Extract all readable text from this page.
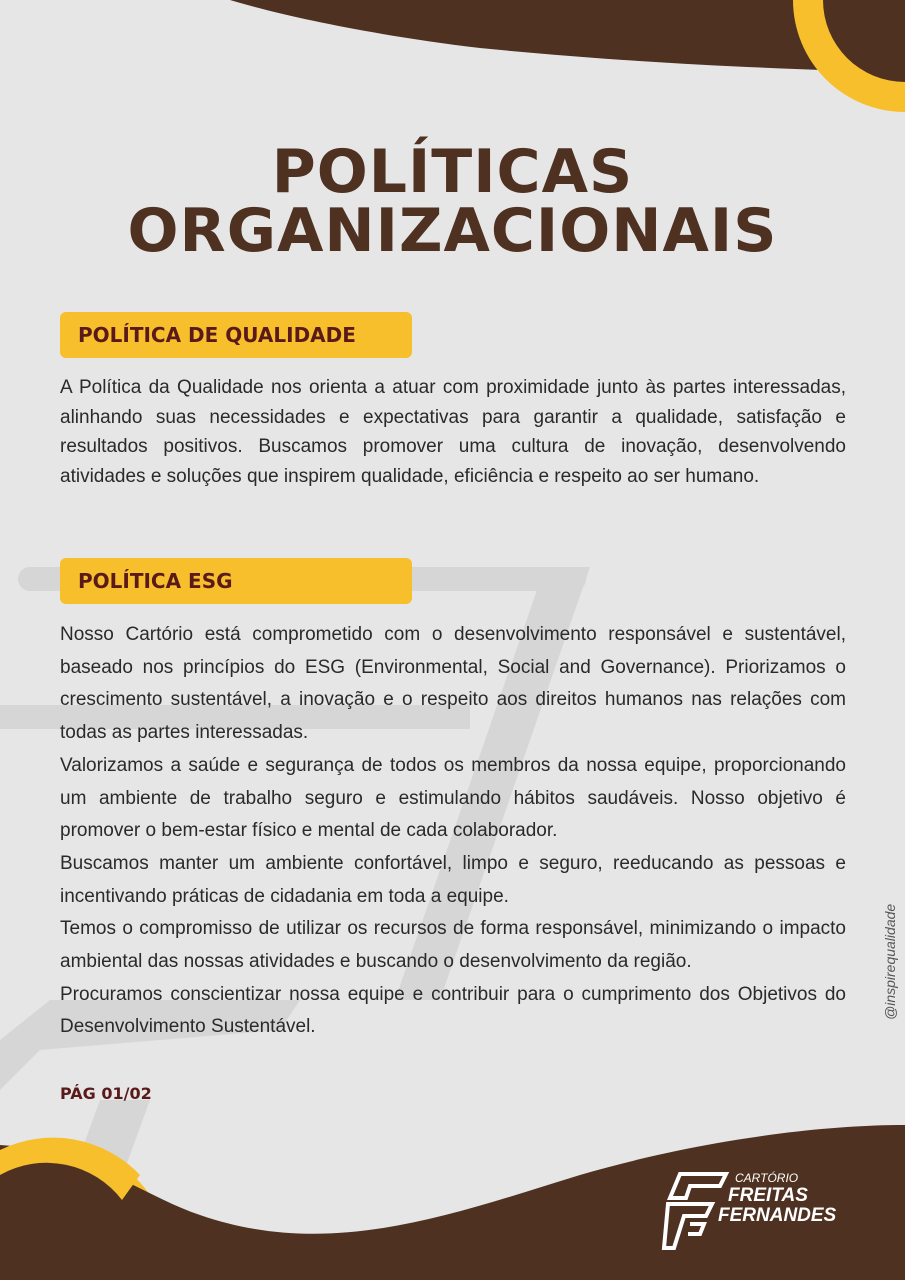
POLÍTICAS
ORGANIZACIONAIS
POLÍTICA DE QUALIDADE

A Política da Qualidade nos orienta a atuar com proximidade junto às partes interessadas, alinhando suas necessidades e expectativas para garantir a qualidade, satisfação e resultados positivos. Buscamos promover uma cultura de inovação, desenvolvendo atividades e soluções que inspirem qualidade, eficiência e respeito ao ser humano.

POLÍTICA ESG
Nosso Cartório está comprometido com o desenvolvimento responsável e sustentável, baseado nos princípios do ESG (Environmental, Social and Governance). Priorizamos o crescimento sustentável, a inovação e o respeito aos direitos humanos nas relações com todas as partes interessadas.
Valorizamos a saúde e segurança de todos os membros da nossa equipe, proporcionando um ambiente de trabalho seguro e estimulando hábitos saudáveis. Nosso objetivo é promover o bem-estar físico e mental de cada colaborador.
Buscamos manter um ambiente confortável, limpo e seguro, reeducando as pessoas e incentivando práticas de cidadania em toda a equipe.
Temos o compromisso de utilizar os recursos de forma responsável, minimizando o impacto ambiental das nossas atividades e buscando o desenvolvimento da região.
Procuramos conscientizar nossa equipe e contribuir para o cumprimento dos Objetivos do Desenvolvimento Sustentável.
PÁG 01/02
@inspirequalidade
CARTÓRIO
FREITAS
FERNANDES
